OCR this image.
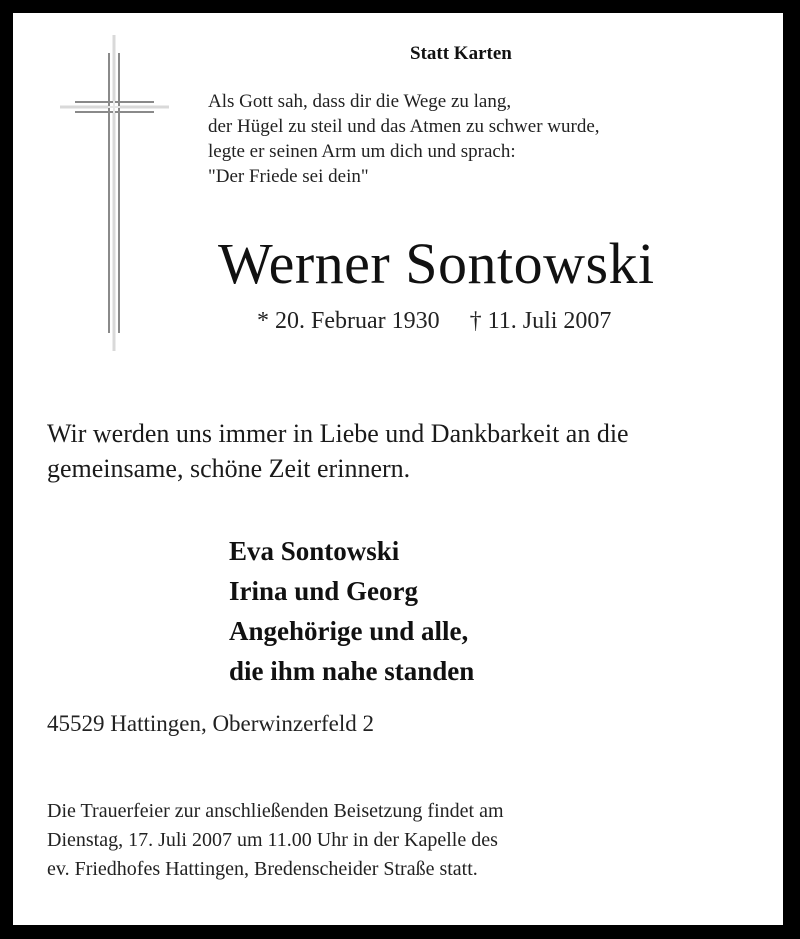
Statt Karten
Als Gott sah, dass dir die Wege zu lang,
der Hügel zu steil und das Atmen zu schwer wurde,
legte er seinen Arm um dich und sprach:
"Der Friede sei dein"
Werner Sontowski
* 20. Februar 1930 † 11. Juli 2007
Wir werden uns immer in Liebe und Dankbarkeit an die
gemeinsame, schöne Zeit erinnern.
Eva Sontowski
Irina und Georg
Angehörige und alle,
die ihm nahe standen
45529 Hattingen, Oberwinzerfeld 2
Die Trauerfeier zur anschließenden Beisetzung findet am
Dienstag, 17. Juli 2007 um 11.00 Uhr in der Kapelle des
ev. Friedhofes Hattingen, Bredenscheider Straße statt.
